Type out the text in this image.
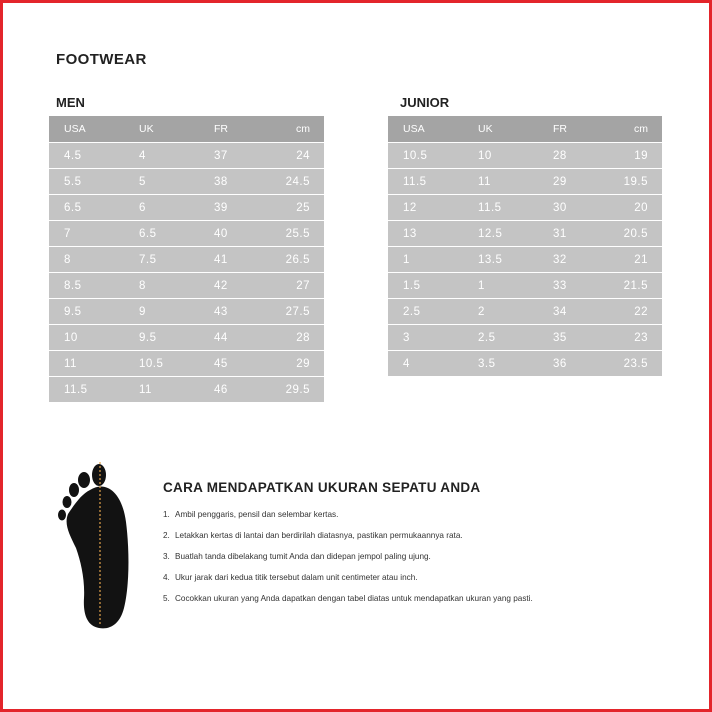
FOOTWEAR
MEN
USA	UK	FR	cm
4.5	4	37	24
5.5	5	38	24.5
6.5	6	39	25
7	6.5	40	25.5
8	7.5	41	26.5
8.5	8	42	27
9.5	9	43	27.5
10	9.5	44	28
11	10.5	45	29
11.5	11	46	29.5
JUNIOR
USA	UK	FR	cm
10.5	10	28	19
11.5	11	29	19.5
12	11.5	30	20
13	12.5	31	20.5
1	13.5	32	21
1.5	1	33	21.5
2.5	2	34	22
3	2.5	35	23
4	3.5	36	23.5
CARA MENDAPATKAN UKURAN SEPATU ANDA
1. Ambil penggaris, pensil dan selembar kertas.
2. Letakkan kertas di lantai dan berdirilah diatasnya, pastikan permukaannya rata.
3. Buatlah tanda dibelakang tumit Anda dan didepan jempol paling ujung.
4. Ukur jarak dari kedua titik tersebut dalam unit centimeter atau inch.
5. Cocokkan ukuran yang Anda dapatkan dengan tabel diatas untuk mendapatkan ukuran yang pasti.
